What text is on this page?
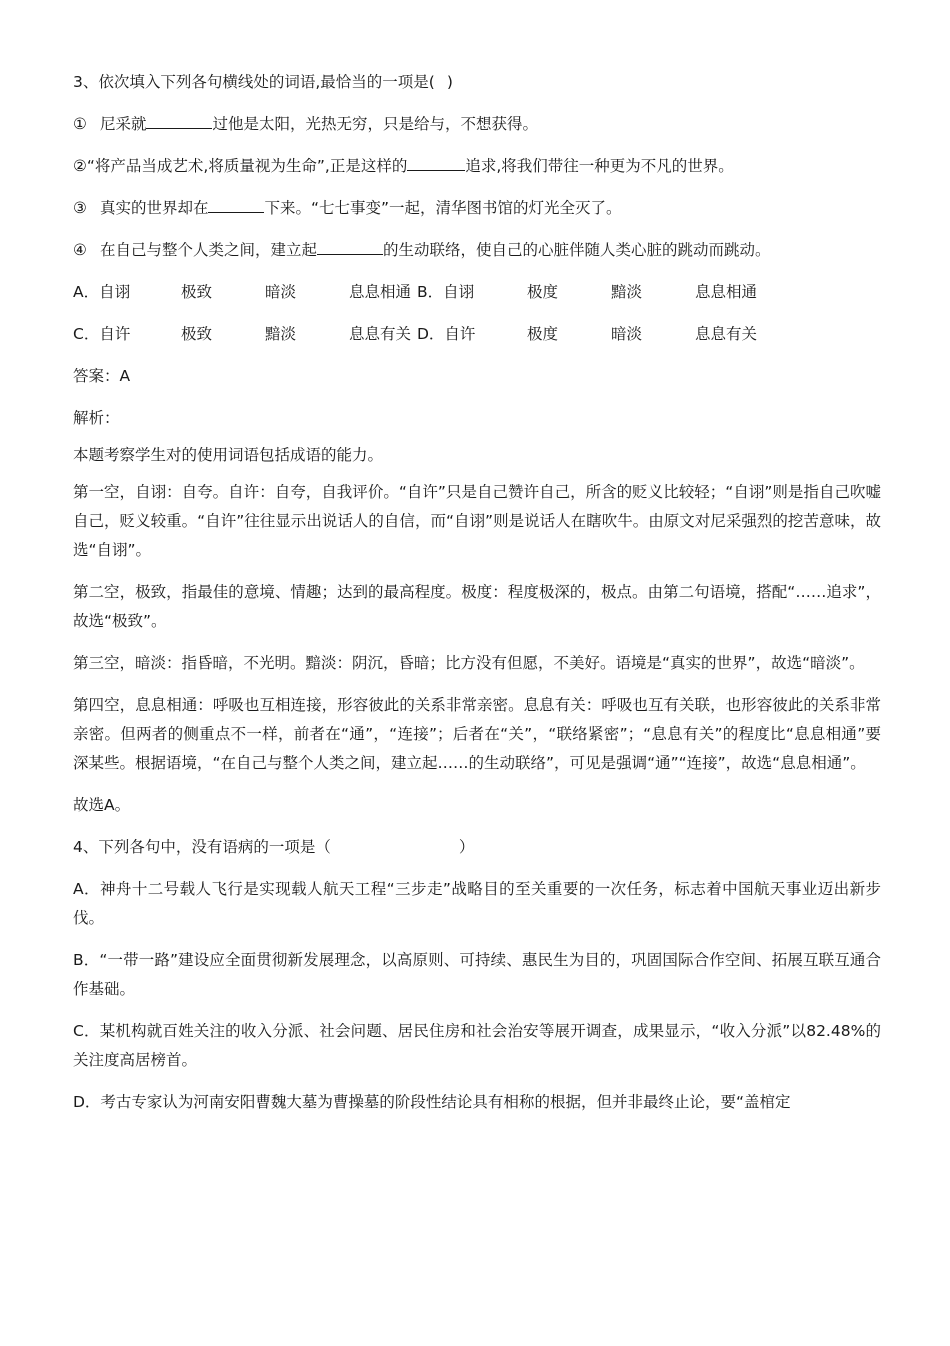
3、依次填入下列各句横线处的词语,最恰当的一项是( )
① 尼采就	过他是太阳，光热无穷，只是给与，不想获得。
②“将产品当成艺术,将质量视为生命”,正是这样的	追求,将我们带往一种更为不凡的世界。
③ 真实的世界却在	下来。“七七事变”一起，清华图书馆的灯光全灭了。
④ 在自己与整个人类之间，建立起	的生动联络，使自己的心脏伴随人类心脏的跳动而跳动。
A．自诩	极致	暗淡	息息相通 B．自诩	极度	黯淡	息息相通
C．自许	极致	黯淡	息息有关 D．自许	极度	暗淡	息息有关
答案：A
解析：
本题考察学生对的使用词语包括成语的能力。
第一空，自诩：自夸。自许：自夸，自我评价。“自许”只是自己赞许自己，所含的贬义比较轻；“自诩”则是指自己吹嘘自己，贬义较重。“自许”往往显示出说话人的自信，而“自诩”则是说话人在瞎吹牛。由原文对尼采强烈的挖苦意味，故选“自诩”。
第二空，极致，指最佳的意境、情趣；达到的最高程度。极度：程度极深的，极点。由第二句语境，搭配“……追求”，故选“极致”。
第三空，暗淡：指昏暗，不光明。黯淡：阴沉，昏暗；比方没有但愿，不美好。语境是“真实的世界”，故选“暗淡”。
第四空，息息相通：呼吸也互相连接，形容彼此的关系非常亲密。息息有关：呼吸也互有关联，也形容彼此的关系非常亲密。但两者的侧重点不一样，前者在“通”，“连接”；后者在“关”，“联络紧密”；“息息有关”的程度比“息息相通”要深某些。根据语境，“在自己与整个人类之间，建立起……的生动联络”，可见是强调“通”“连接”，故选“息息相通”。
故选A。
4、下列各句中，没有语病的一项是（	）
A．神舟十二号载人飞行是实现载人航天工程“三步走”战略目的至关重要的一次任务，标志着中国航天事业迈出新步伐。
B．“一带一路”建设应全面贯彻新发展理念，以高原则、可持续、惠民生为目的，巩固国际合作空间、拓展互联互通合作基础。
C．某机构就百姓关注的收入分派、社会问题、居民住房和社会治安等展开调查，成果显示，“收入分派”以82.48%的关注度高居榜首。
D．考古专家认为河南安阳曹魏大墓为曹操墓的阶段性结论具有相称的根据，但并非最终止论，要“盖棺定
